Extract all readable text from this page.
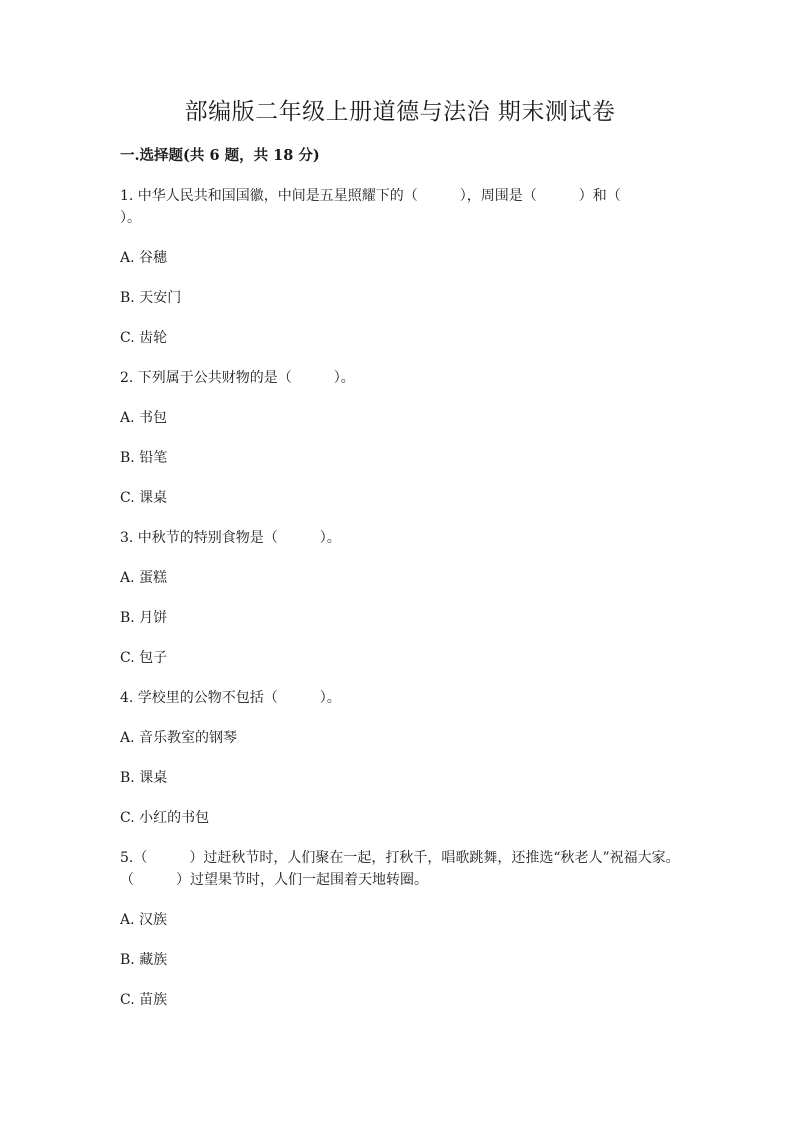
部编版二年级上册道德与法治 期末测试卷
一.选择题(共 6 题，共 18 分)

1. 中华人民共和国国徽，中间是五星照耀下的（　　　），周围是（　　　）和（　　　）。

A. 谷穗

B. 天安门

C. 齿轮

2. 下列属于公共财物的是（　　　）。

A. 书包

B. 铅笔

C. 课桌

3. 中秋节的特别食物是（　　　）。

A. 蛋糕

B. 月饼

C. 包子

4. 学校里的公物不包括（　　　）。

A. 音乐教室的钢琴

B. 课桌

C. 小红的书包

5.（　　　）过赶秋节时，人们聚在一起，打秋千，唱歌跳舞，还推选“秋老人”祝福大家。（　　　）过望果节时，人们一起围着天地转圈。

A. 汉族

B. 藏族

C. 苗族
